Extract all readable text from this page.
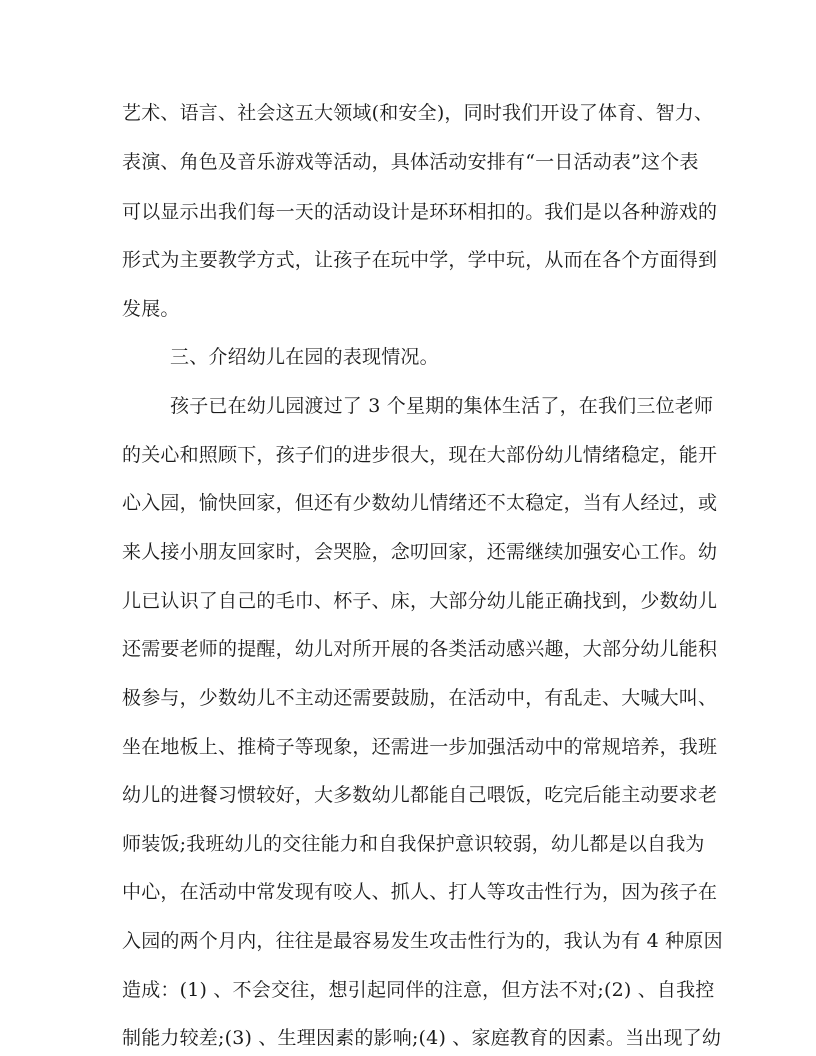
艺术、语言、社会这五大领域(和安全)，同时我们开设了体育、智力、
表演、角色及音乐游戏等活动，具体活动安排有“一日活动表”这个表
可以显示出我们每一天的活动设计是环环相扣的。我们是以各种游戏的
形式为主要教学方式，让孩子在玩中学，学中玩，从而在各个方面得到
发展。
三、介绍幼儿在园的表现情况。
孩子已在幼儿园渡过了 3 个星期的集体生活了，在我们三位老师
的关心和照顾下，孩子们的进步很大，现在大部份幼儿情绪稳定，能开
心入园，愉快回家，但还有少数幼儿情绪还不太稳定，当有人经过，或
来人接小朋友回家时，会哭脸，念叨回家，还需继续加强安心工作。幼
儿已认识了自己的毛巾、杯子、床，大部分幼儿能正确找到，少数幼儿
还需要老师的提醒，幼儿对所开展的各类活动感兴趣，大部分幼儿能积
极参与，少数幼儿不主动还需要鼓励，在活动中，有乱走、大喊大叫、
坐在地板上、推椅子等现象，还需进一步加强活动中的常规培养，我班
幼儿的进餐习惯较好，大多数幼儿都能自己喂饭，吃完后能主动要求老
师装饭;我班幼儿的交往能力和自我保护意识较弱，幼儿都是以自我为
中心，在活动中常发现有咬人、抓人、打人等攻击性行为，因为孩子在
入园的两个月内，往往是最容易发生攻击性行为的，我认为有 4 种原因
造成：(1) 、不会交往，想引起同伴的注意，但方法不对;(2) 、自我控
制能力较差;(3) 、生理因素的影响;(4) 、家庭教育的因素。当出现了幼
